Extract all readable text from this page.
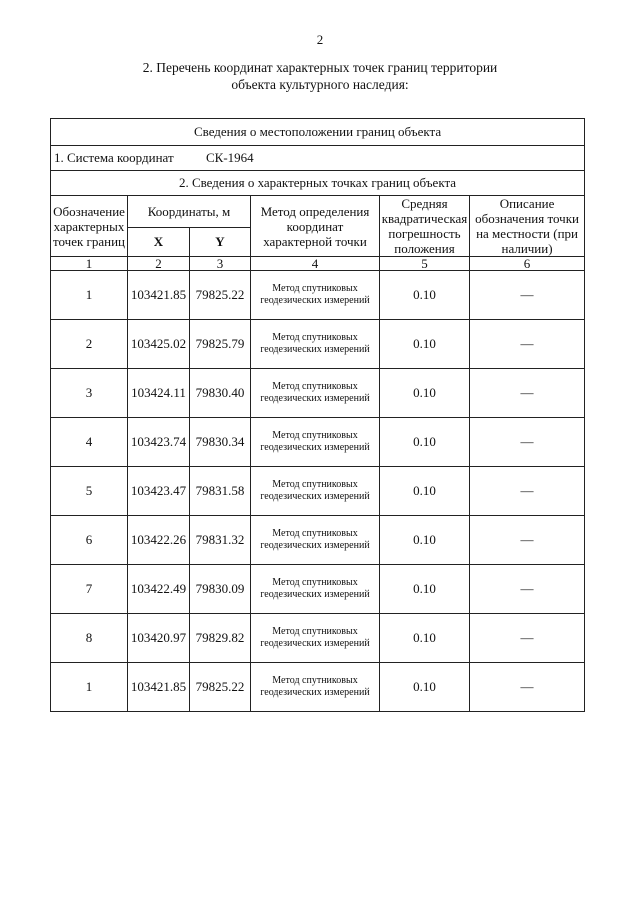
2
2. Перечень координат характерных точек границ территории
объекта культурного наследия:
Сведения о местоположении границ объекта					
1. Система координат СК-1964					
2. Сведения о характерных точках границ объекта					
Обозначение характерных точек границ	Координаты, м		Метод определения координат характерной точки	Средняя квадратическая погрешность положения	Описание обозначения точки на местности (при наличии)
	X	Y			
1	2	3	4	5	6
1	103421.85	79825.22	Метод спутниковых геодезических измерений	0.10	—
2	103425.02	79825.79	Метод спутниковых геодезических измерений	0.10	—
3	103424.11	79830.40	Метод спутниковых геодезических измерений	0.10	—
4	103423.74	79830.34	Метод спутниковых геодезических измерений	0.10	—
5	103423.47	79831.58	Метод спутниковых геодезических измерений	0.10	—
6	103422.26	79831.32	Метод спутниковых геодезических измерений	0.10	—
7	103422.49	79830.09	Метод спутниковых геодезических измерений	0.10	—
8	103420.97	79829.82	Метод спутниковых геодезических измерений	0.10	—
1	103421.85	79825.22	Метод спутниковых геодезических измерений	0.10	—
